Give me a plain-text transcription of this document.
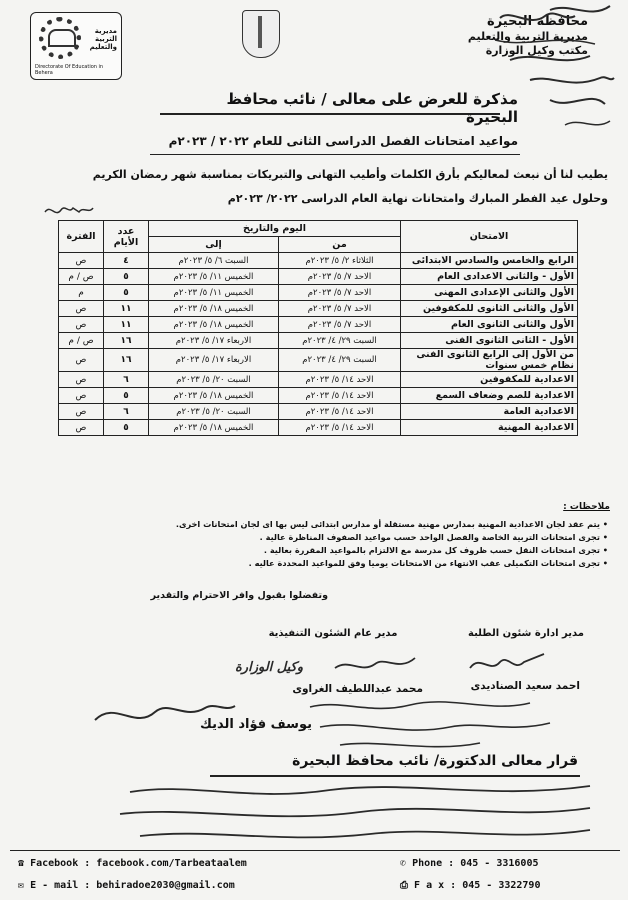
محافظة البحيرة
مديرية التربية والتعليم
مكتب وكيل الوزارة
مديرية التربية والتعليم
Directorate Of Education in Behera
مذكرة للعرض على معالى / نائب محافظ البحيرة
مواعيد امتحانات الفصل الدراسى الثانى للعام ٢٠٢٢ / ٢٠٢٣م
يطيب لنا أن نبعث لمعاليكم بأرق الكلمات وأطيب التهانى والتبريكات بمناسبة شهر رمضان الكريم
وحلول عيد الفطر المبارك وامتحانات نهاية العام الدراسى ٢٠٢٢/ ٢٠٢٣م
الامتحان	اليوم والتاريخ		عدد الأيام	الفترة
	من	إلى		
الرابع والخامس والسادس الابتدائى	الثلاثاء ٢/ ٥/ ٢٠٢٣م	السبت ٦/ ٥/ ٢٠٢٣م	٤	ص
الأول - والثانى الاعدادى العام	الاحد ٧/ ٥/ ٢٠٢٣م	الخميس ١١/ ٥/ ٢٠٢٣م	٥	ص / م
الأول والثانى الإعدادى المهنى	الاحد ٧/ ٥/ ٢٠٢٣م	الخميس ١١/ ٥/ ٢٠٢٣م	٥	م
الأول والثانى الثانوى للمكفوفين	الاحد ٧/ ٥/ ٢٠٢٣م	الخميس ١٨/ ٥/ ٢٠٢٣م	١١	ص
الأول والثانى الثانوى العام	الاحد ٧/ ٥/ ٢٠٢٣م	الخميس ١٨/ ٥/ ٢٠٢٣م	١١	ص
الأول - الثانى الثانوى الفنى	السبت ٢٩/ ٤/ ٢٠٢٣م	الاربعاء ١٧/ ٥/ ٢٠٢٣م	١٦	ص / م
من الأول إلى الرابع الثانوى الفنى نظام خمس سنوات	السبت ٢٩/ ٤/ ٢٠٢٣م	الاربعاء ١٧/ ٥/ ٢٠٢٣م	١٦	ص
الاعدادية للمكفوفين	الاحد ١٤/ ٥/ ٢٠٢٣م	السبت ٢٠/ ٥/ ٢٠٢٣م	٦	ص
الاعدادية للصم وضعاف السمع	الاحد ١٤/ ٥/ ٢٠٢٣م	الخميس ١٨/ ٥/ ٢٠٢٣م	٥	ص
الاعدادية العامة	الاحد ١٤/ ٥/ ٢٠٢٣م	السبت ٢٠/ ٥/ ٢٠٢٣م	٦	ص
الاعدادية المهنية	الاحد ١٤/ ٥/ ٢٠٢٣م	الخميس ١٨/ ٥/ ٢٠٢٣م	٥	ص
ملاحظات :
• يتم عقد لجان الاعدادية المهنية بمدارس مهنية مستقلة أو مدارس ابتدائى ليس بها اى لجان امتحانات اخرى.
• تجرى امتحانات التربية الخاصة والفصل الواحد حسب مواعيد الصفوف المناظرة عالية .
• تجرى امتحانات النقل حسب ظروف كل مدرسة مع الالتزام بالمواعيد المقررة بعالية .
• تجرى امتحانات التكميلى عقب الانتهاء من الامتحانات يوميا وفق للمواعيد المحددة عاليه .
وتفضلوا بقبول وافر الاحترام والتقدير
مدير ادارة شئون الطلبة
احمد سعيد الصناديدى
مدير عام الشئون التنفيذية
محمد عبداللطيف الغراوى
وكيل الوزارة
يوسف فؤاد الديك
قرار معالى الدكتورة/ نائب محافظ البحيرة
☎ Facebook : facebook.com/Tarbeataalem
✉ E - mail : behiradoe2030@gmail.com
✆ Phone : 045 - 3316005
⎙ F a x : 045 - 3322790
